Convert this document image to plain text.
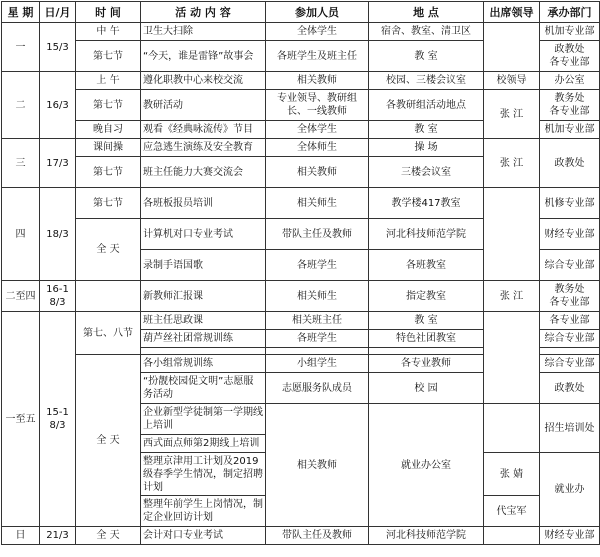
星 期	日/月	时 间	活 动 内 容	参加人员	地 点	出席领导	承办部门
一	15/3	中 午	卫生大扫除	全体学生	宿舍、教室、清卫区		机加专业部
		第七节	“今天，谁是雷锋”故事会	各班学生及班主任	教 室		政教处
各专业部
二	16/3	上 午	遵化职教中心来校交流	相关教师	校园、三楼会议室	校领导	办公室
		第七节	教研活动	专业领导、教研组长、一线教师	各教研组活动地点	张 江	教务处
各专业部
		晚自习	观看《经典咏流传》节目	全体学生	教 室		机加专业部
三	17/3	课间操	应急逃生演练及安全教育	全体师生	操 场	张 江	政教处
		第七节	班主任能力大赛交流会	相关教师	三楼会议室		
四	18/3	第七节	各班板报员培训	相关师生	教学楼417教室		机修专业部
		全 天	计算机对口专业考试	带队主任及教师	河北科技师范学院		财经专业部
			录制手语国歌	各班学生	各班教室		综合专业部
二至四	16-18/3		新教师汇报课	相关师生	指定教室	张 江	教务处
各专业部
一至五	15-18/3	第七、八节	班主任思政课	相关班主任	教 室		各专业部
			葫芦丝社团常规训练	各班学生	特色社团教室		综合专业部

		全 天	各小组常规训练	小组学生	各专业教师		综合专业部
			“扮靓校园促文明”志愿服务活动	志愿服务队成员	校 园		政教处
			企业新型学徒制第一学期线上培训	相关教师	就业办公室		招生培训处
			西式面点师第2期线上培训				
			整理京津用工计划及2019级春季学生情况，制定招聘计划			张 婧	就业办
			整理年前学生上岗情况，制定企业回访计划			代宝军	
日	21/3	全 天	会计对口专业考试	带队主任及教师	河北科技师范学院		财经专业部
